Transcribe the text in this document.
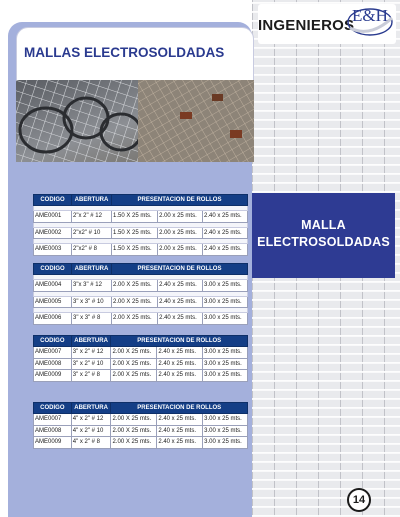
INGENIEROS
E&H
MALLAS ELECTROSOLDADAS
MALLA
ELECTROSOLDADAS
CODIGO	ABERTURA	PRESENTACION DE ROLLOS		

AME0001	2"x 2" # 12	1.50 X 25 mts.	2.00 x 25 mts.	2.40 x 25 mts.

AME0002	2"x2" # 10	1.50 X 25 mts.	2.00 x 25 mts.	2.40 x 25 mts.

AME0003	2"x2" # 8	1.50 X 25 mts.	2.00 x 25 mts.	2.40 x 25 mts.
CODIGO	ABERTURA	PRESENTACION DE ROLLOS		

AME0004	3"x 3" # 12	2.00 X 25 mts.	2.40 x 25 mts.	3.00 x 25 mts.

AME0005	3" x 3" # 10	2.00 X 25 mts.	2.40 x 25 mts.	3.00 x 25 mts.

AME0006	3" x 3" # 8	2.00 X 25 mts.	2.40 x 25 mts.	3.00 x 25 mts.
CODIGO	ABERTURA	PRESENTACION DE ROLLOS		
AME0007	3" x 2" # 12	2.00 X 25 mts.	2.40 x 25 mts.	3.00 x 25 mts.
AME0008	3" x 2" # 10	2.00 X 25 mts.	2.40 x 25 mts.	3.00 x 25 mts.
AME0009	3" x 2" # 8	2.00 X 25 mts.	2.40 x 25 mts.	3.00 x 25 mts.
CODIGO	ABERTURA	PRESENTACION DE ROLLOS		
AME0007	4" x 2" # 12	2.00 X 25 mts.	2.40 x 25 mts.	3.00 x 25 mts.
AME0008	4" x 2" # 10	2.00 X 25 mts.	2.40 x 25 mts.	3.00 x 25 mts.
AME0009	4" x 2" # 8	2.00 X 25 mts.	2.40 x 25 mts.	3.00 x 25 mts.
14
